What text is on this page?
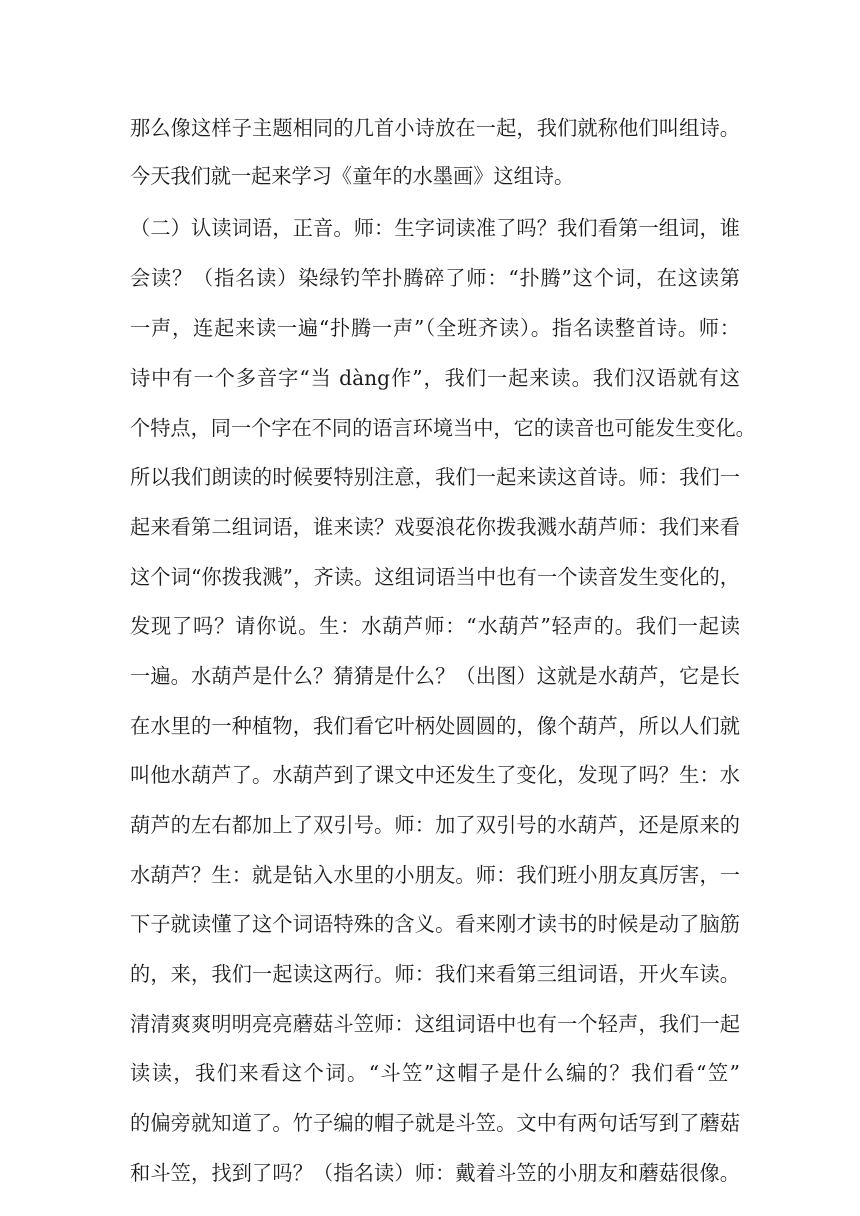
那么像这样子主题相同的几首小诗放在一起，我们就称他们叫组诗。
今天我们就一起来学习《童年的水墨画》这组诗。
（二）认读词语，正音。师：生字词读准了吗？我们看第一组词，谁
会读？（指名读）染绿钓竿扑腾碎了师：“扑腾”这个词，在这读第
一声，连起来读一遍“扑腾一声”（全班齐读）。指名读整首诗。师：
诗中有一个多音字“当 dàng作”，我们一起来读。我们汉语就有这
个特点，同一个字在不同的语言环境当中，它的读音也可能发生变化。
所以我们朗读的时候要特别注意，我们一起来读这首诗。师：我们一
起来看第二组词语，谁来读？戏耍浪花你拨我溅水葫芦师：我们来看
这个词“你拨我溅”，齐读。这组词语当中也有一个读音发生变化的，
发现了吗？请你说。生：水葫芦师：“水葫芦”轻声的。我们一起读
一遍。水葫芦是什么？猜猜是什么？（出图）这就是水葫芦，它是长
在水里的一种植物，我们看它叶柄处圆圆的，像个葫芦，所以人们就
叫他水葫芦了。水葫芦到了课文中还发生了变化，发现了吗？生：水
葫芦的左右都加上了双引号。师：加了双引号的水葫芦，还是原来的
水葫芦？生：就是钻入水里的小朋友。师：我们班小朋友真厉害，一
下子就读懂了这个词语特殊的含义。看来刚才读书的时候是动了脑筋
的，来，我们一起读这两行。师：我们来看第三组词语，开火车读。
清清爽爽明明亮亮蘑菇斗笠师：这组词语中也有一个轻声，我们一起
读读，我们来看这个词。“斗笠”这帽子是什么编的？我们看“笠”
的偏旁就知道了。竹子编的帽子就是斗笠。文中有两句话写到了蘑菇
和斗笠，找到了吗？（指名读）师：戴着斗笠的小朋友和蘑菇很像。
